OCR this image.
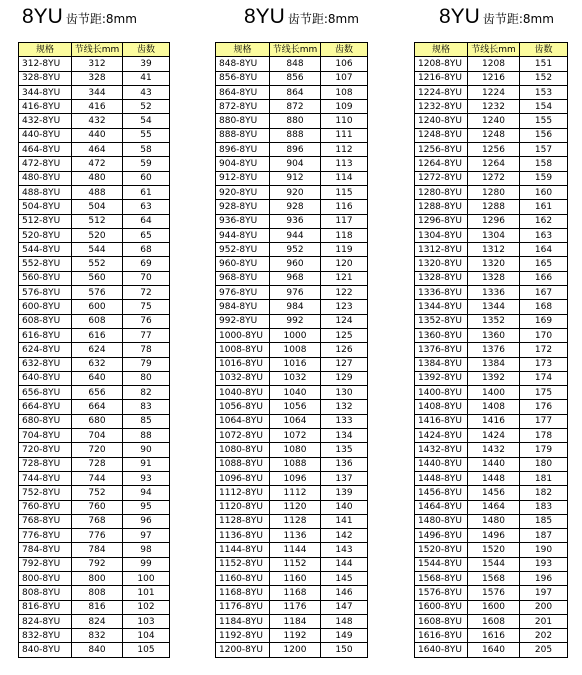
8YU 齿节距:8mm	8YU 齿节距:8mm	8YU 齿节距:8mm
规格	节线长mm	齿数
312-8YU	312	39
328-8YU	328	41
344-8YU	344	43
416-8YU	416	52
432-8YU	432	54
440-8YU	440	55
464-8YU	464	58
472-8YU	472	59
480-8YU	480	60
488-8YU	488	61
504-8YU	504	63
512-8YU	512	64
520-8YU	520	65
544-8YU	544	68
552-8YU	552	69
560-8YU	560	70
576-8YU	576	72
600-8YU	600	75
608-8YU	608	76
616-8YU	616	77
624-8YU	624	78
632-8YU	632	79
640-8YU	640	80
656-8YU	656	82
664-8YU	664	83
680-8YU	680	85
704-8YU	704	88
720-8YU	720	90
728-8YU	728	91
744-8YU	744	93
752-8YU	752	94
760-8YU	760	95
768-8YU	768	96
776-8YU	776	97
784-8YU	784	98
792-8YU	792	99
800-8YU	800	100
808-8YU	808	101
816-8YU	816	102
824-8YU	824	103
832-8YU	832	104
840-8YU	840	105
规格	节线长mm	齿数
848-8YU	848	106
856-8YU	856	107
864-8YU	864	108
872-8YU	872	109
880-8YU	880	110
888-8YU	888	111
896-8YU	896	112
904-8YU	904	113
912-8YU	912	114
920-8YU	920	115
928-8YU	928	116
936-8YU	936	117
944-8YU	944	118
952-8YU	952	119
960-8YU	960	120
968-8YU	968	121
976-8YU	976	122
984-8YU	984	123
992-8YU	992	124
1000-8YU	1000	125
1008-8YU	1008	126
1016-8YU	1016	127
1032-8YU	1032	129
1040-8YU	1040	130
1056-8YU	1056	132
1064-8YU	1064	133
1072-8YU	1072	134
1080-8YU	1080	135
1088-8YU	1088	136
1096-8YU	1096	137
1112-8YU	1112	139
1120-8YU	1120	140
1128-8YU	1128	141
1136-8YU	1136	142
1144-8YU	1144	143
1152-8YU	1152	144
1160-8YU	1160	145
1168-8YU	1168	146
1176-8YU	1176	147
1184-8YU	1184	148
1192-8YU	1192	149
1200-8YU	1200	150
规格	节线长mm	齿数
1208-8YU	1208	151
1216-8YU	1216	152
1224-8YU	1224	153
1232-8YU	1232	154
1240-8YU	1240	155
1248-8YU	1248	156
1256-8YU	1256	157
1264-8YU	1264	158
1272-8YU	1272	159
1280-8YU	1280	160
1288-8YU	1288	161
1296-8YU	1296	162
1304-8YU	1304	163
1312-8YU	1312	164
1320-8YU	1320	165
1328-8YU	1328	166
1336-8YU	1336	167
1344-8YU	1344	168
1352-8YU	1352	169
1360-8YU	1360	170
1376-8YU	1376	172
1384-8YU	1384	173
1392-8YU	1392	174
1400-8YU	1400	175
1408-8YU	1408	176
1416-8YU	1416	177
1424-8YU	1424	178
1432-8YU	1432	179
1440-8YU	1440	180
1448-8YU	1448	181
1456-8YU	1456	182
1464-8YU	1464	183
1480-8YU	1480	185
1496-8YU	1496	187
1520-8YU	1520	190
1544-8YU	1544	193
1568-8YU	1568	196
1576-8YU	1576	197
1600-8YU	1600	200
1608-8YU	1608	201
1616-8YU	1616	202
1640-8YU	1640	205
